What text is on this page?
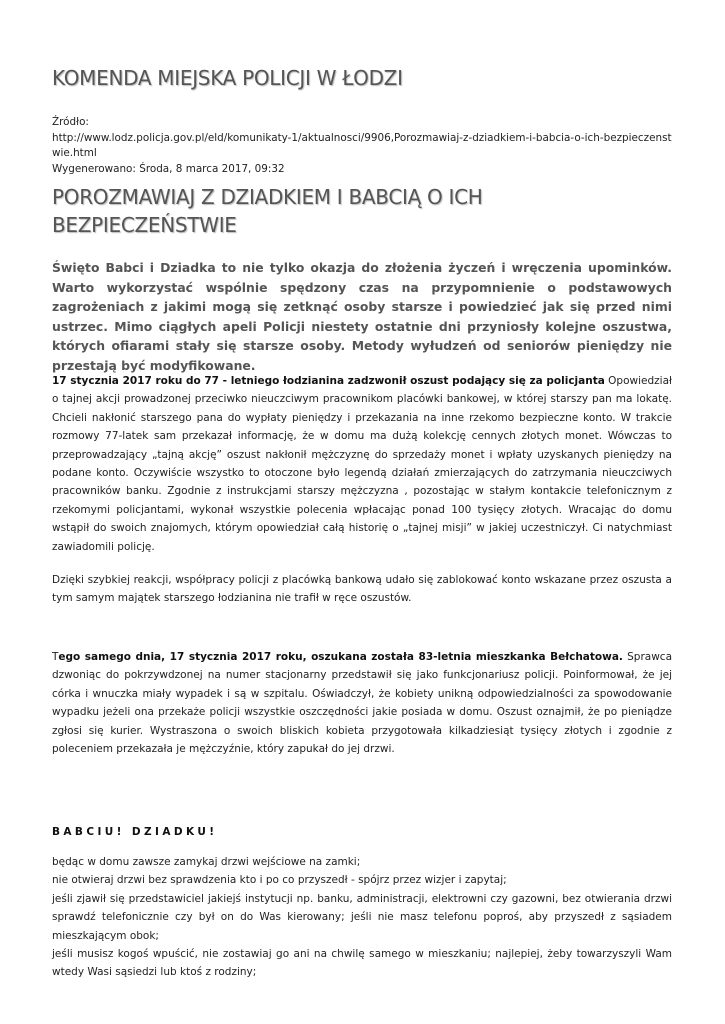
KOMENDA MIEJSKA POLICJI W ŁODZI
Źródło:
http://www.lodz.policja.gov.pl/eld/komunikaty-1/aktualnosci/9906,Porozmawiaj-z-dziadkiem-i-babcia-o-ich-bezpieczenstwie.html
Wygenerowano: Środa, 8 marca 2017, 09:32
POROZMAWIAJ Z DZIADKIEM I BABCIĄ O ICH BEZPIECZEŃSTWIE

Święto Babci i Dziadka to nie tylko okazja do złożenia życzeń i wręczenia upominków. Warto wykorzystać wspólnie spędzony czas na przypomnienie o podstawowych zagrożeniach z jakimi mogą się zetknąć osoby starsze i powiedzieć jak się przed nimi ustrzec. Mimo ciągłych apeli Policji niestety ostatnie dni przyniosły kolejne oszustwa, których ofiarami stały się starsze osoby. Metody wyłudzeń od seniorów pieniędzy nie przestają być modyfikowane.

17 stycznia 2017 roku do 77 - letniego łodzianina zadzwonił oszust podający się za policjanta Opowiedział o tajnej akcji prowadzonej przeciwko nieuczciwym pracownikom placówki bankowej, w której starszy pan ma lokatę. Chcieli nakłonić starszego pana do wypłaty pieniędzy i przekazania na inne rzekomo bezpieczne konto. W trakcie rozmowy 77-latek sam przekazał informację, że w domu ma dużą kolekcję cennych złotych monet. Wówczas to przeprowadzający „tajną akcję” oszust nakłonił mężczyznę do sprzedaży monet i wpłaty uzyskanych pieniędzy na podane konto. Oczywiście wszystko to otoczone było legendą działań zmierzających do zatrzymania nieuczciwych pracowników banku. Zgodnie z instrukcjami starszy mężczyzna , pozostając w stałym kontakcie telefonicznym z rzekomymi policjantami, wykonał wszystkie polecenia wpłacając ponad 100 tysięcy złotych. Wracając do domu wstąpił do swoich znajomych, którym opowiedział całą historię o „tajnej misji” w jakiej uczestniczył. Ci natychmiast zawiadomili policję.

Dzięki szybkiej reakcji, współpracy policji z placówką bankową udało się zablokować konto wskazane przez oszusta a tym samym majątek starszego łodzianina nie trafił w ręce oszustów.

Tego samego dnia, 17 stycznia 2017 roku, oszukana została 83-letnia mieszkanka Bełchatowa. Sprawca dzwoniąc do pokrzywdzonej na numer stacjonarny przedstawił się jako funkcjonariusz policji. Poinformował, że jej córka i wnuczka miały wypadek i są w szpitalu. Oświadczył, że kobiety unikną odpowiedzialności za spowodowanie wypadku jeżeli ona przekaże policji wszystkie oszczędności jakie posiada w domu. Oszust oznajmił, że po pieniądze zgłosi się kurier. Wystraszona o swoich bliskich kobieta przygotowała kilkadziesiąt tysięcy złotych i zgodnie z poleceniem przekazała je mężczyźnie, który zapukał do jej drzwi.

BABCIU! DZIADKU!
będąc w domu zawsze zamykaj drzwi wejściowe na zamki;
nie otwieraj drzwi bez sprawdzenia kto i po co przyszedł - spójrz przez wizjer i zapytaj;
jeśli zjawił się przedstawiciel jakiejś instytucji np. banku, administracji, elektrowni czy gazowni, bez otwierania drzwi sprawdź telefonicznie czy był on do Was kierowany; jeśli nie masz telefonu poproś, aby przyszedł z sąsiadem mieszkającym obok;
jeśli musisz kogoś wpuścić, nie zostawiaj go ani na chwilę samego w mieszkaniu; najlepiej, żeby towarzyszyli Wam wtedy Wasi sąsiedzi lub ktoś z rodziny;
